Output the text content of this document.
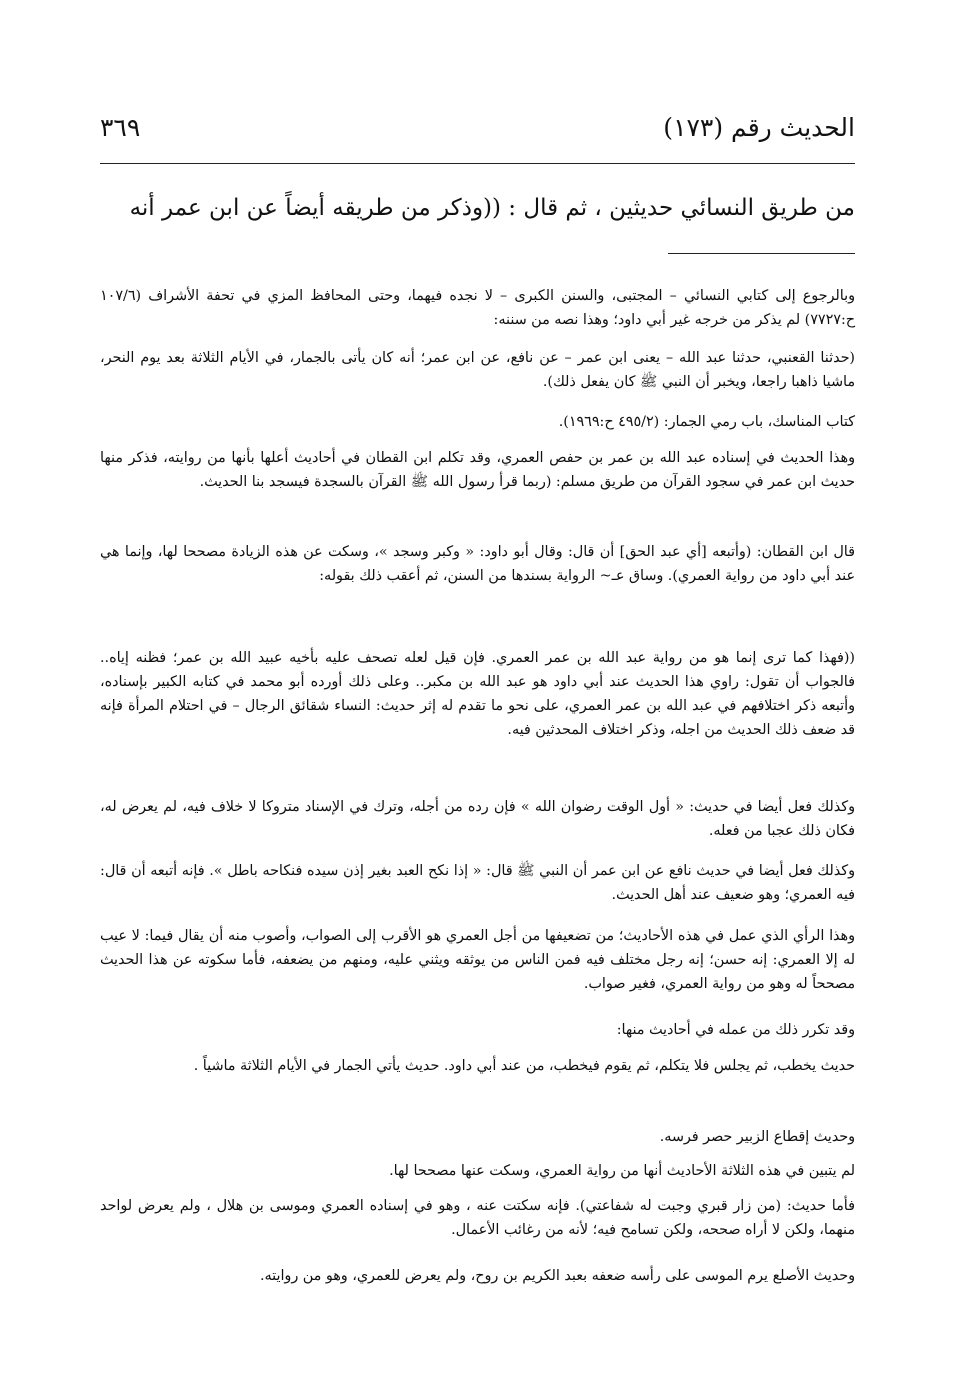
الحديث رقم (١٧٣)
٣٦٩
من طريق النسائي حديثين ، ثم قال : ((وذكر من طريقه أيضاً عن ابن عمر أنه
وبالرجوع إلى كتابي النسائي – المجتبى، والسنن الكبرى – لا نجده فيهما، وحتى المحافظ المزي في تحفة الأشراف (١٠٧/٦ ح:٧٧٢٧) لم يذكر من خرجه غير أبي داود؛ وهذا نصه من سننه:
(حدثنا القعنبي، حدثنا عبد الله – يعنى ابن عمر – عن نافع، عن ابن عمر؛ أنه كان يأتى بالجمار، في الأيام الثلاثة بعد يوم النحر، ماشيا ذاهبا راجعا، ويخبر أن النبي ﷺ كان يفعل ذلك).
كتاب المناسك، باب رمي الجمار: (٤٩٥/٢ ح:١٩٦٩).
وهذا الحديث في إسناده عبد الله بن عمر بن حفص العمري، وقد تكلم ابن القطان في أحاديث أعلها بأنها من روايته، فذكر منها حديث ابن عمر في سجود القرآن من طريق مسلم: (ربما قرأ رسول الله ﷺ القرآن بالسجدة فيسجد بنا الحديث.
قال ابن القطان: (وأتبعه [أي عبد الحق] أن قال: وقال أبو داود: « وكبر وسجد »، وسكت عن هذه الزيادة مصححا لها، وإنما هي عند أبي داود من رواية العمري). وساق عـ~ الرواية بسندها من السنن، ثم أعقب ذلك بقوله:
((فهذا كما ترى إنما هو من رواية عبد الله بن عمر العمري. فإن قيل لعله تصحف عليه بأخيه عبيد الله بن عمر؛ فظنه إياه.. فالجواب أن تقول: راوي هذا الحديث عند أبي داود هو عبد الله بن مكبر.. وعلى ذلك أورده أبو محمد في كتابه الكبير بإسناده، وأتبعه ذكر اختلافهم في عبد الله بن عمر العمري، على نحو ما تقدم له إثر حديث: النساء شقائق الرجال – في احتلام المرأة فإنه قد ضعف ذلك الحديث من اجله، وذكر اختلاف المحدثين فيه.
وكذلك فعل أيضا في حديث: « أول الوقت رضوان الله » فإن رده من أجله، وترك في الإسناد متروكا لا خلاف فيه، لم يعرض له، فكان ذلك عجبا من فعله.
وكذلك فعل أيضا في حديث نافع عن ابن عمر أن النبي ﷺ قال: « إذا نكح العبد بغير إذن سيده فنكاحه باطل ». فإنه أتبعه أن قال: فيه العمري؛ وهو ضعيف عند أهل الحديث.
وهذا الرأي الذي عمل في هذه الأحاديث؛ من تضعيفها من أجل العمري هو الأقرب إلى الصواب، وأصوب منه أن يقال فيما: لا عيب له إلا العمري: إنه حسن؛ إنه رجل مختلف فيه فمن الناس من يوثقه ويثني عليه، ومنهم من يضعفه، فأما سكوته عن هذا الحديث مصححاً له وهو من رواية العمري، فغير صواب.
وقد تكرر ذلك من عمله في أحاديث منها:
حديث يخطب، ثم يجلس فلا يتكلم، ثم يقوم فيخطب، من عند أبي داود. حديث يأتي الجمار في الأيام الثلاثة ماشياً .
وحديث إقطاع الزبير حصر فرسه.
لم يتبين في هذه الثلاثة الأحاديث أنها من رواية العمري، وسكت عنها مصححا لها.
فأما حديث: (من زار قبري وجبت له شفاعتي). فإنه سكتت عنه ، وهو في إسناده العمري وموسى بن هلال ، ولم يعرض لواحد منهما، ولكن لا أراه صححه، ولكن تسامح فيه؛ لأنه من رغائب الأعمال.
وحديث الأصلع يرم الموسى على رأسه ضعفه بعبد الكريم بن روح، ولم يعرض للعمري، وهو من روايته.
